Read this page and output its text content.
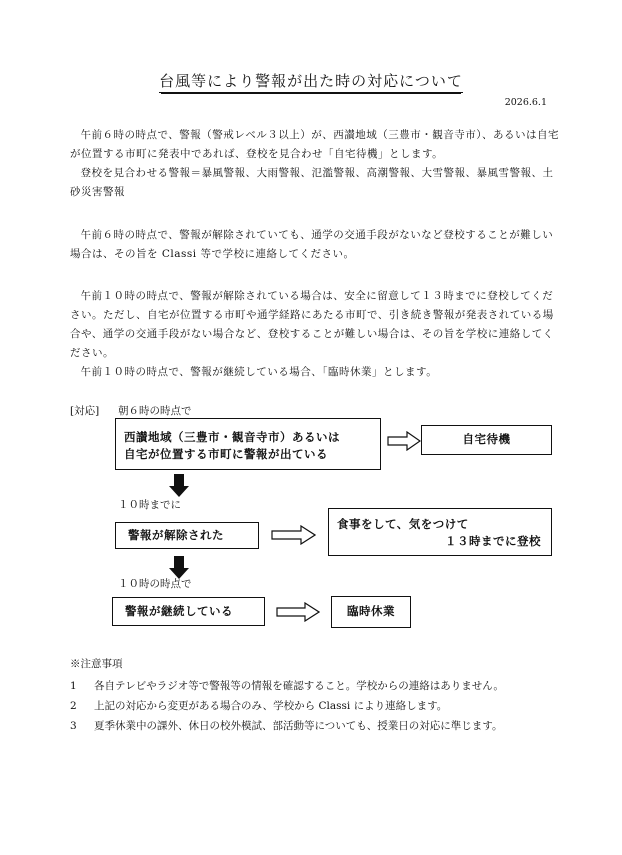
台風等により警報が出た時の対応について
2026.6.1

午前６時の時点で、警報（警戒レベル３以上）が、西讃地域（三豊市・観音寺市）、あるいは自宅が位置する市町に発表中であれば、登校を見合わせ「自宅待機」とします。

登校を見合わせる警報＝暴風警報、大雨警報、氾濫警報、高潮警報、大雪警報、暴風雪警報、土砂災害警報

午前６時の時点で、警報が解除されていても、通学の交通手段がないなど登校することが難しい場合は、その旨を Classi 等で学校に連絡してください。

午前１０時の時点で、警報が解除されている場合は、安全に留意して１３時までに登校してください。ただし、自宅が位置する市町や通学経路にあたる市町で、引き続き警報が発表されている場合や、通学の交通手段がない場合など、登校することが難しい場合は、その旨を学校に連絡してください。

午前１０時の時点で、警報が継続している場合、「臨時休業」とします。

[対応] 朝６時の時点で
西讃地域（三豊市・観音寺市）あるいは
自宅が位置する市町に警報が出ている
自宅待機
１０時までに
警報が解除された
食事をして、気をつけて
１３時までに登校
１０時の時点で
警報が継続している	臨時休業
※注意事項
1 各自テレビやラジオ等で警報等の情報を確認すること。学校からの連絡はありません。
2 上記の対応から変更がある場合のみ、学校から Classi により連絡します。
3 夏季休業中の課外、休日の校外模試、部活動等についても、授業日の対応に準じます。
